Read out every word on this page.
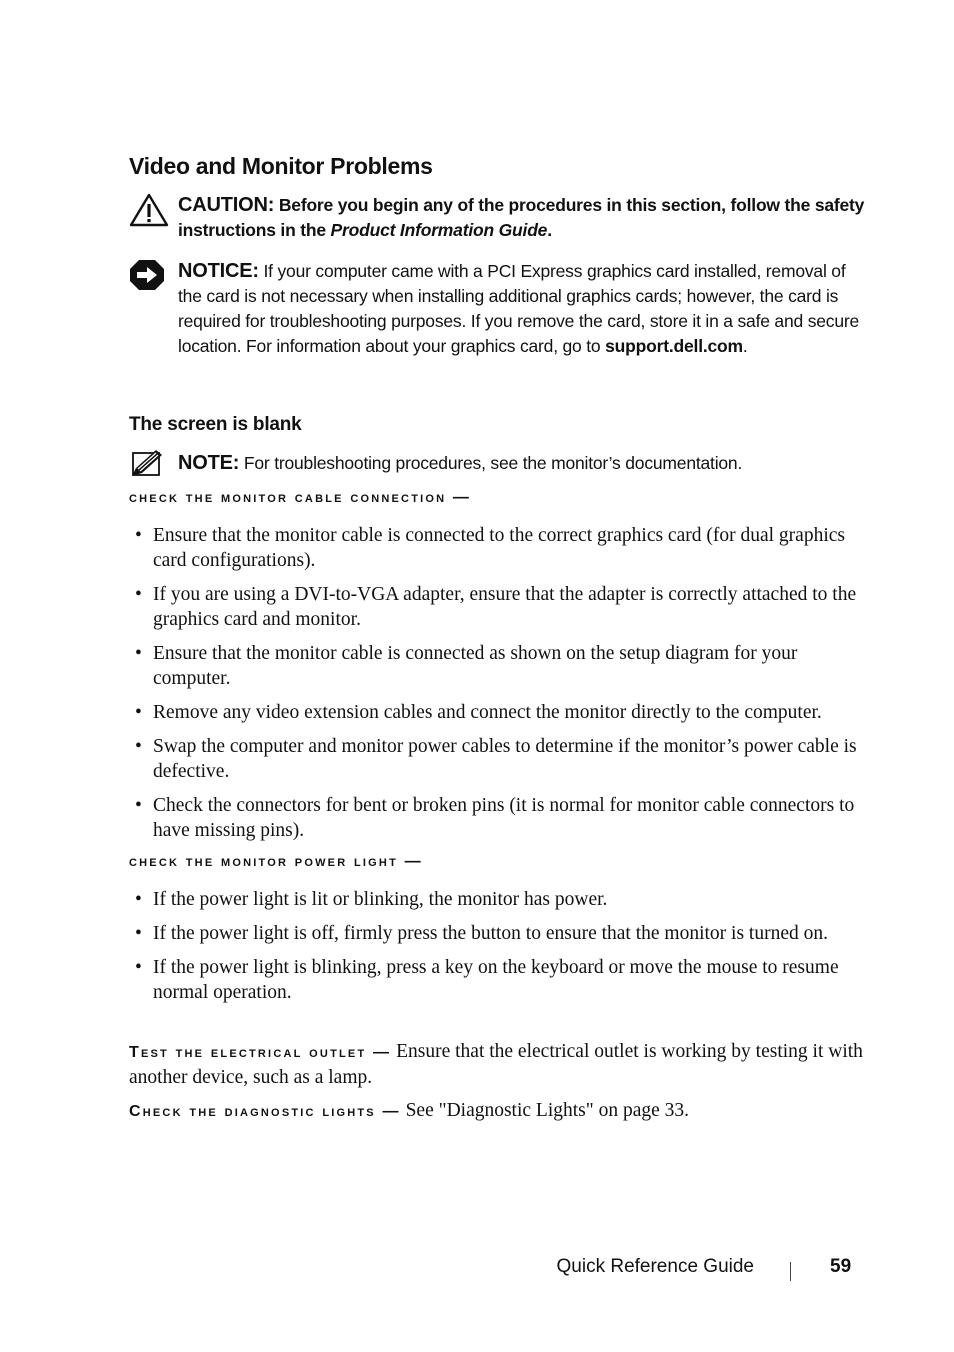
Video and Monitor Problems
CAUTION: Before you begin any of the procedures in this section, follow the safety instructions in the Product Information Guide.
NOTICE: If your computer came with a PCI Express graphics card installed, removal of the card is not necessary when installing additional graphics cards; however, the card is required for troubleshooting purposes. If you remove the card, store it in a safe and secure location. For information about your graphics card, go to support.dell.com.
The screen is blank
NOTE: For troubleshooting procedures, see the monitor’s documentation.
check the monitor cable connection —
• Ensure that the monitor cable is connected to the correct graphics card (for dual graphics card configurations).
• If you are using a DVI-to-VGA adapter, ensure that the adapter is correctly attached to the graphics card and monitor.
• Ensure that the monitor cable is connected as shown on the setup diagram for your computer.
• Remove any video extension cables and connect the monitor directly to the computer.
• Swap the computer and monitor power cables to determine if the monitor’s power cable is defective.
• Check the connectors for bent or broken pins (it is normal for monitor cable connectors to have missing pins).
check the monitor power light —
• If the power light is lit or blinking, the monitor has power.
• If the power light is off, firmly press the button to ensure that the monitor is turned on.
• If the power light is blinking, press a key on the keyboard or move the mouse to resume normal operation.
Test the electrical outlet — Ensure that the electrical outlet is working by testing it with another device, such as a lamp.
Check the diagnostic lights — See "Diagnostic Lights" on page 33.
Quick Reference Guide	59
